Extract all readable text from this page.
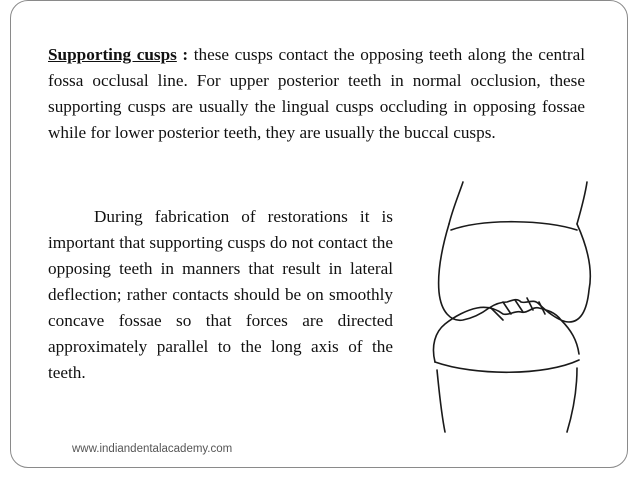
Supporting cusps : these cusps contact the opposing teeth along the central fossa occlusal line. For upper posterior teeth in normal occlusion, these supporting cusps are usually the lingual cusps occluding in opposing fossae while for lower posterior teeth, they are usually the buccal cusps.

During fabrication of restorations it is important that supporting cusps do not contact the opposing teeth in manners that result in lateral deflection; rather contacts should be on smoothly concave fossae so that forces are directed approximately parallel to the long axis of the teeth.

www.indiandentalacademy.com
